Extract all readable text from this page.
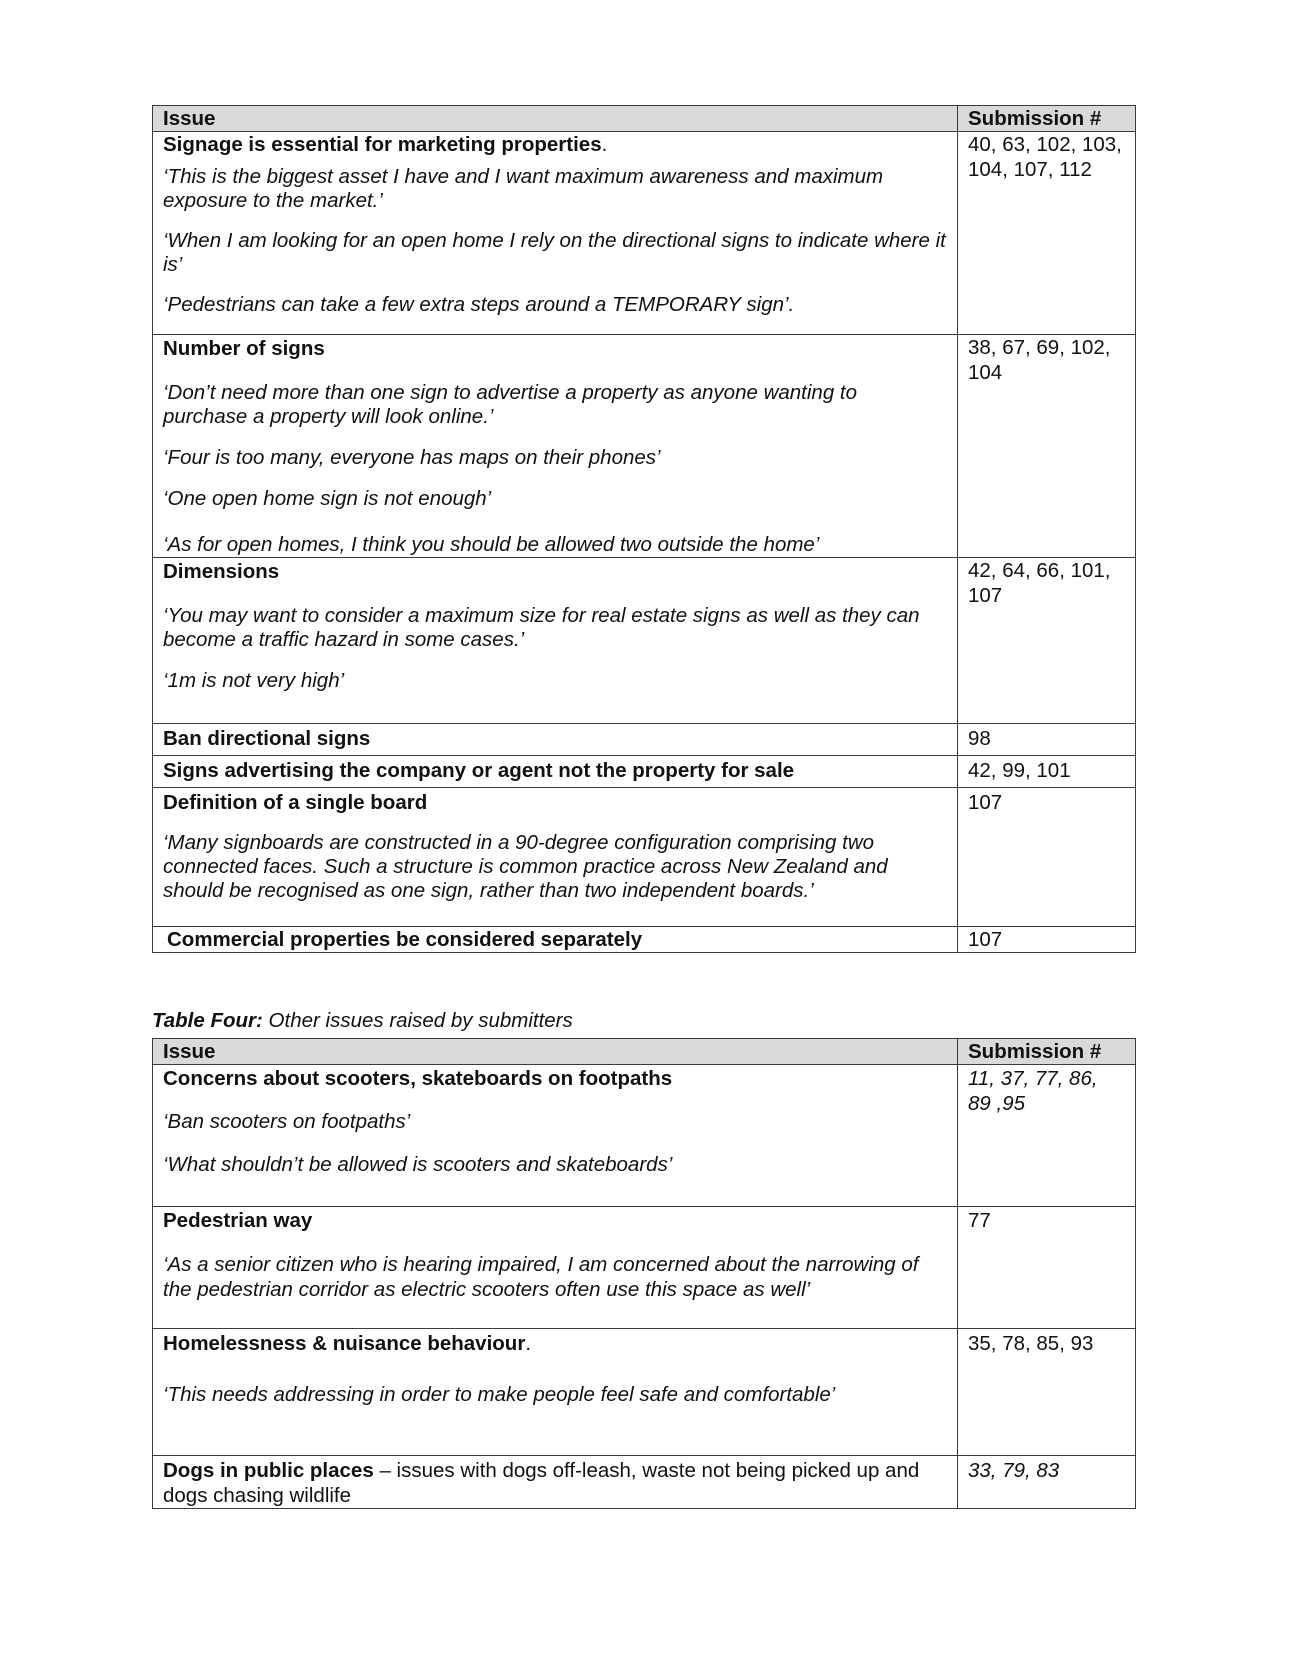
Issue	Submission #

Signage is essential for marketing properties.
‘This is the biggest asset I have and I want maximum awareness and maximum exposure to the market.’
‘When I am looking for an open home I rely on the directional signs to indicate where it is’
‘Pedestrians can take a few extra steps around a TEMPORARY sign’.	40, 63, 102, 103, 104, 107, 112

Number of signs
‘Don’t need more than one sign to advertise a property as anyone wanting to purchase a property will look online.’
‘Four is too many, everyone has maps on their phones’
‘One open home sign is not enough’
‘As for open homes, I think you should be allowed two outside the home’	38, 67, 69, 102, 104

Dimensions
‘You may want to consider a maximum size for real estate signs as well as they can become a traffic hazard in some cases.’
‘1m is not very high’	42, 64, 66, 101, 107

Ban directional signs	98

Signs advertising the company or agent not the property for sale	42, 99, 101

Definition of a single board
‘Many signboards are constructed in a 90-degree configuration comprising two connected faces. Such a structure is common practice across New Zealand and should be recognised as one sign, rather than two independent boards.’	107

Commercial properties be considered separately	107
Table Four: Other issues raised by submitters
Issue	Submission #

Concerns about scooters, skateboards on footpaths
‘Ban scooters on footpaths’
‘What shouldn’t be allowed is scooters and skateboards’	11, 37, 77, 86, 89 ,95

Pedestrian way
‘As a senior citizen who is hearing impaired, I am concerned about the narrowing of the pedestrian corridor as electric scooters often use this space as well’	77

Homelessness & nuisance behaviour.
‘This needs addressing in order to make people feel safe and comfortable’	35, 78, 85, 93

Dogs in public places – issues with dogs off-leash, waste not being picked up and dogs chasing wildlife	33, 79, 83
